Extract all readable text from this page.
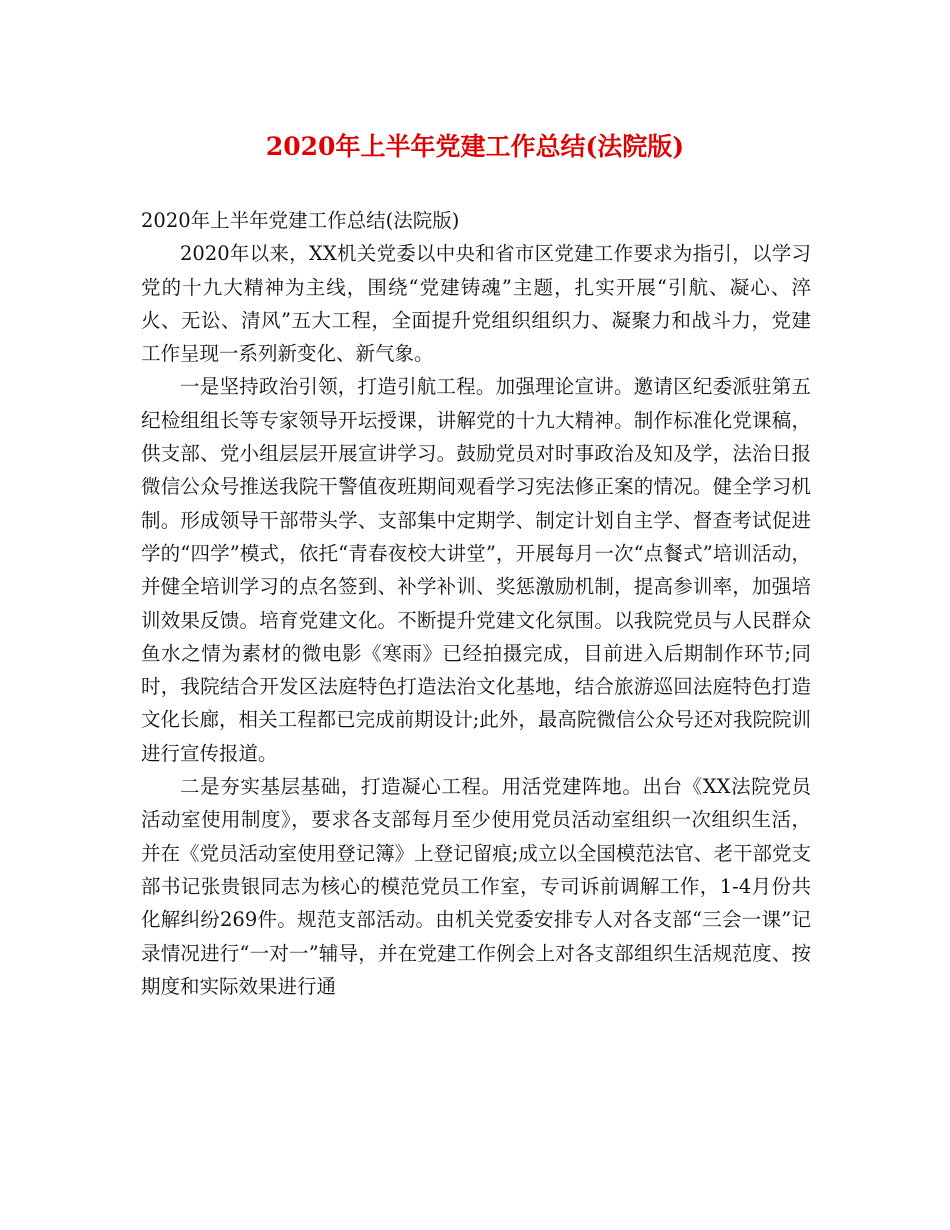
2020年上半年党建工作总结(法院版)

2020年上半年党建工作总结(法院版)

2020年以来，XX机关党委以中央和省市区党建工作要求为指引，以学习党的十九大精神为主线，围绕“党建铸魂”主题，扎实开展“引航、凝心、淬火、无讼、清风”五大工程，全面提升党组织组织力、凝聚力和战斗力，党建工作呈现一系列新变化、新气象。

一是坚持政治引领，打造引航工程。加强理论宣讲。邀请区纪委派驻第五纪检组组长等专家领导开坛授课，讲解党的十九大精神。制作标准化党课稿，供支部、党小组层层开展宣讲学习。鼓励党员对时事政治及知及学，法治日报微信公众号推送我院干警值夜班期间观看学习宪法修正案的情况。健全学习机制。形成领导干部带头学、支部集中定期学、制定计划自主学、督查考试促进学的“四学”模式，依托“青春夜校大讲堂”，开展每月一次“点餐式”培训活动，并健全培训学习的点名签到、补学补训、奖惩激励机制，提高参训率，加强培训效果反馈。培育党建文化。不断提升党建文化氛围。以我院党员与人民群众鱼水之情为素材的微电影《寒雨》已经拍摄完成，目前进入后期制作环节;同时，我院结合开发区法庭特色打造法治文化基地，结合旅游巡回法庭特色打造文化长廊，相关工程都已完成前期设计;此外，最高院微信公众号还对我院院训进行宣传报道。

二是夯实基层基础，打造凝心工程。用活党建阵地。出台《XX法院党员活动室使用制度》，要求各支部每月至少使用党员活动室组织一次组织生活，并在《党员活动室使用登记簿》上登记留痕;成立以全国模范法官、老干部党支部书记张贵银同志为核心的模范党员工作室，专司诉前调解工作，1-4月份共化解纠纷269件。规范支部活动。由机关党委安排专人对各支部“三会一课”记录情况进行“一对一”辅导，并在党建工作例会上对各支部组织生活规范度、按期度和实际效果进行通
